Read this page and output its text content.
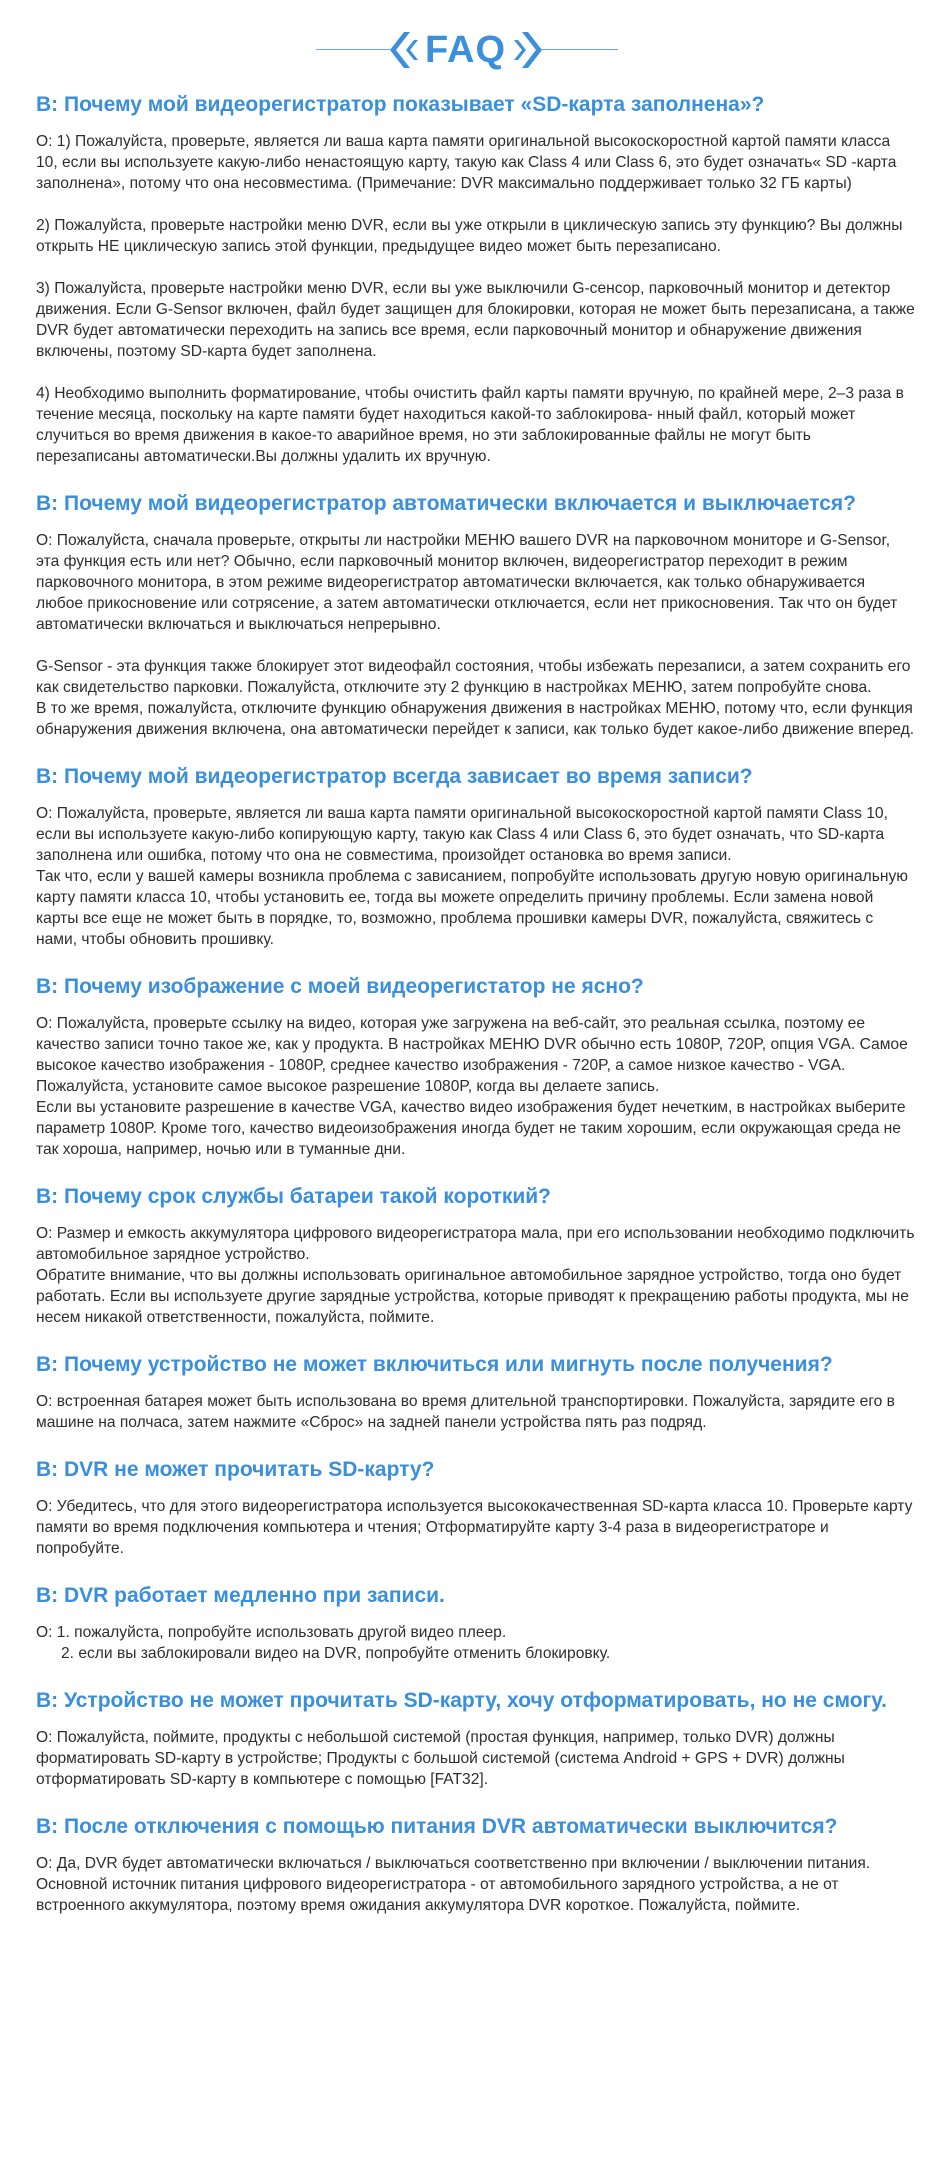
FAQ
В: Почему мой видеорегистратор показывает «SD-карта заполнена»?

О: 1) Пожалуйста, проверьте, является ли ваша карта памяти оригинальной высокоскоростной картой памяти класса 10, если вы используете какую-либо ненастоящую карту, такую как Class 4 или Class 6, это будет означать« SD -карта заполнена», потому что она несовместима. (Примечание: DVR максимально поддерживает только 32 ГБ карты)

2) Пожалуйста, проверьте настройки меню DVR, если вы уже открыли в циклическую запись эту функцию? Вы должны открыть НЕ циклическую запись этой функции, предыдущее видео может быть перезаписано.

3) Пожалуйста, проверьте настройки меню DVR, если вы уже выключили G-сенсор, парковочный монитор и детектор движения. Если G-Sensor включен, файл будет защищен для блокировки, которая не может быть перезаписана, а также DVR будет автоматически переходить на запись все время, если парковочный монитор и обнаружение движения включены, поэтому SD-карта будет заполнена.

4) Необходимо выполнить форматирование, чтобы очистить файл карты памяти вручную, по крайней мере, 2–3 раза в течение месяца, поскольку на карте памяти будет находиться какой-то заблокирова- нный файл, который может случиться во время движения в какое-то аварийное время, но эти заблокированные файлы не могут быть перезаписаны автоматически.Вы должны удалить их вручную.

В: Почему мой видеорегистратор автоматически включается и выключается?

О: Пожалуйста, сначала проверьте, открыты ли настройки МЕНЮ вашего DVR на парковочном мониторе и G-Sensor, эта функция есть или нет? Обычно, если парковочный монитор включен, видеорегистратор переходит в режим парковочного монитора, в этом режиме видеорегистратор автоматически включается, как только обнаруживается любое прикосновение или сотрясение, а затем автоматически отключается, если нет прикосновения. Так что он будет автоматически включаться и выключаться непрерывно.

G-Sensor - эта функция также блокирует этот видеофайл состояния, чтобы избежать перезаписи, а затем сохранить его как свидетельство парковки. Пожалуйста, отключите эту 2 функцию в настройках МЕНЮ, затем попробуйте снова.

В то же время, пожалуйста, отключите функцию обнаружения движения в настройках МЕНЮ, потому что, если функция обнаружения движения включена, она автоматически перейдет к записи, как только будет какое-либо движение вперед.

В: Почему мой видеорегистратор всегда зависает во время записи?

О: Пожалуйста, проверьте, является ли ваша карта памяти оригинальной высокоскоростной картой памяти Class 10, если вы используете какую-либо копирующую карту, такую как Class 4 или Class 6, это будет означать, что SD-карта заполнена или ошибка, потому что она не совместима, произойдет остановка во время записи.

Так что, если у вашей камеры возникла проблема с зависанием, попробуйте использовать другую новую оригинальную карту памяти класса 10, чтобы установить ее, тогда вы можете определить причину проблемы. Если замена новой карты все еще не может быть в порядке, то, возможно, проблема прошивки камеры DVR, пожалуйста, свяжитесь с нами, чтобы обновить прошивку.

В: Почему изображение с моей видеорегистатор не ясно?

О: Пожалуйста, проверьте ссылку на видео, которая уже загружена на веб-сайт, это реальная ссылка, поэтому ее качество записи точно такое же, как у продукта. В настройках МЕНЮ DVR обычно есть 1080P, 720P, опция VGA. Самое высокое качество изображения - 1080P, среднее качество изображения - 720P, а самое низкое качество - VGA. Пожалуйста, установите самое высокое разрешение 1080P, когда вы делаете запись.

Если вы установите разрешение в качестве VGA, качество видео изображения будет нечетким, в настройках выберите параметр 1080P. Кроме того, качество видеоизображения иногда будет не таким хорошим, если окружающая среда не так хороша, например, ночью или в туманные дни.

В: Почему срок службы батареи такой короткий?

О: Размер и емкость аккумулятора цифрового видеорегистратора мала, при его использовании необходимо подключить автомобильное зарядное устройство.

Обратите внимание, что вы должны использовать оригинальное автомобильное зарядное устройство, тогда оно будет работать. Если вы используете другие зарядные устройства, которые приводят к прекращению работы продукта, мы не несем никакой ответственности, пожалуйста, поймите.

В: Почему устройство не может включиться или мигнуть после получения?

О: встроенная батарея может быть использована во время длительной транспортировки. Пожалуйста, зарядите его в машине на полчаса, затем нажмите «Сброс» на задней панели устройства пять раз подряд.

В: DVR не может прочитать SD-карту?

О: Убедитесь, что для этого видеорегистратора используется высококачественная SD-карта класса 10. Проверьте карту памяти во время подключения компьютера и чтения; Отформатируйте карту 3-4 раза в видеорегистраторе и попробуйте.

В: DVR работает медленно при записи.

О: 1. пожалуйста, попробуйте использовать другой видео плеер.

2. если вы заблокировали видео на DVR, попробуйте отменить блокировку.

В: Устройство не может прочитать SD-карту, хочу отформатировать, но не смогу.

О: Пожалуйста, поймите, продукты с небольшой системой (простая функция, например, только DVR) должны форматировать SD-карту в устройстве; Продукты с большой системой (система Android + GPS + DVR) должны отформатировать SD-карту в компьютере с помощью [FAT32].

В: После отключения с помощью питания DVR автоматически выключится?

О: Да, DVR будет автоматически включаться / выключаться соответственно при включении / выключении питания. Основной источник питания цифрового видеорегистратора - от автомобильного зарядного устройства, а не от встроенного аккумулятора, поэтому время ожидания аккумулятора DVR короткое. Пожалуйста, поймите.
